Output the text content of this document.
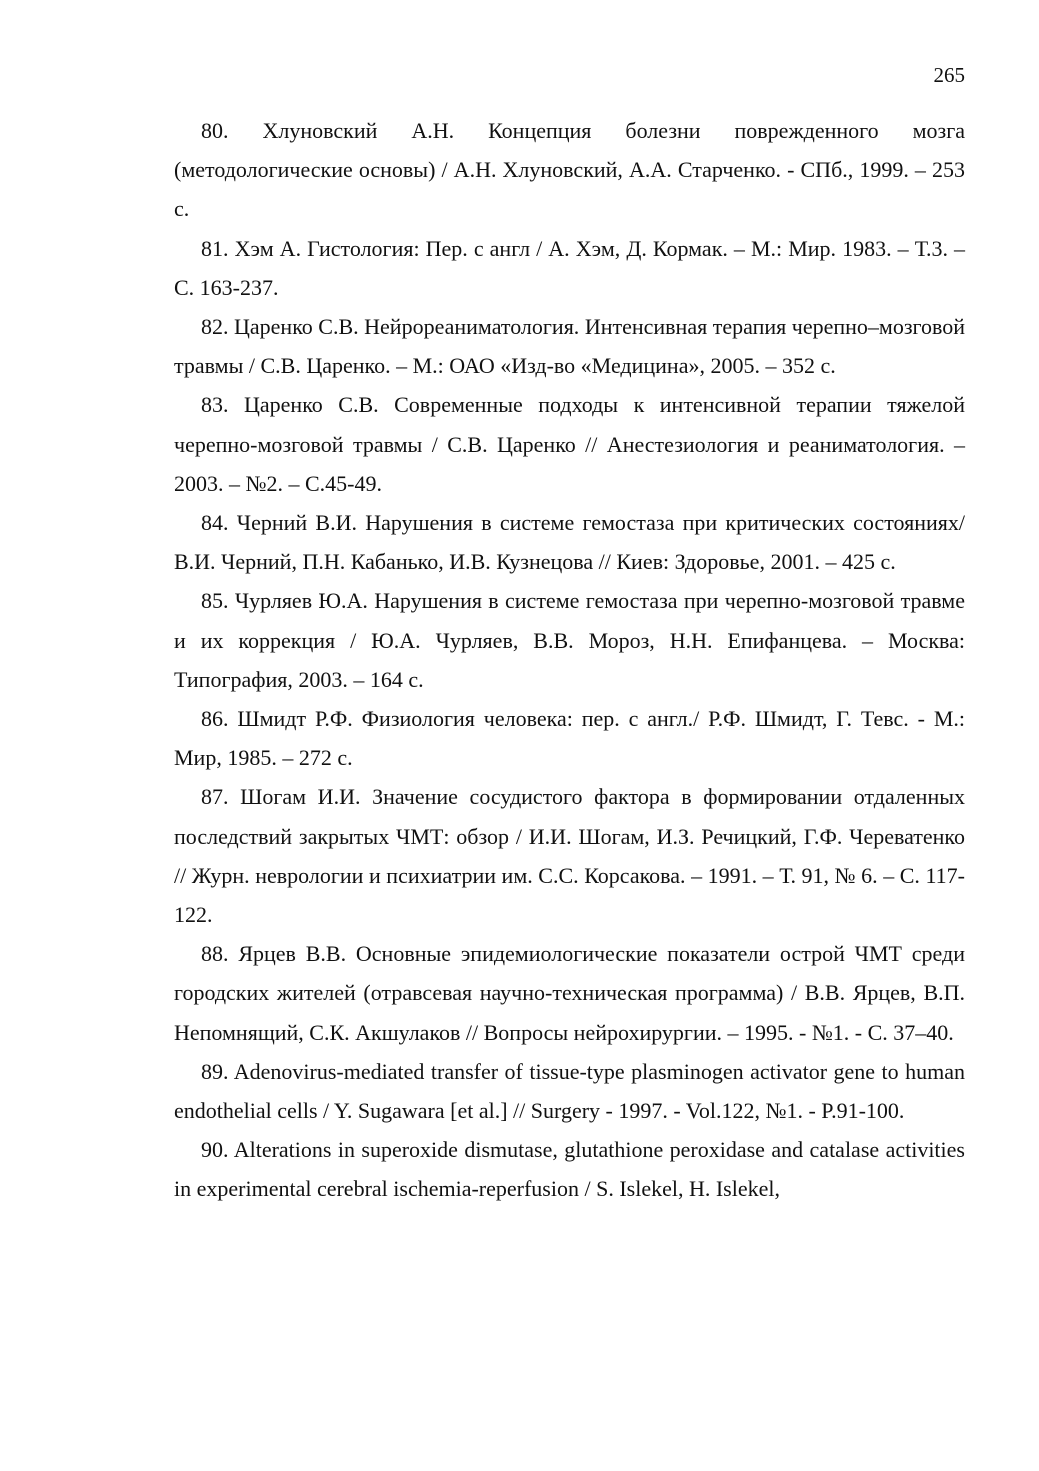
265

80. Хлуновский А.Н. Концепция болезни поврежденного мозга (методологические основы) / А.Н. Хлуновский, А.А. Старченко. - СПб., 1999. – 253 с.

81. Хэм А. Гистология: Пер. с англ / А. Хэм, Д. Кормак. – М.: Мир. 1983. – Т.3. – С. 163-237.

82. Царенко С.В. Нейрореаниматология. Интенсивная терапия черепно–мозговой травмы / С.В. Царенко. – М.: ОАО «Изд-во «Медицина», 2005. – 352 с.

83. Царенко С.В. Современные подходы к интенсивной терапии тяжелой черепно-мозговой травмы / С.В. Царенко // Анестезиология и реаниматология. – 2003. – №2. – С.45-49.

84. Черний В.И. Нарушения в системе гемостаза при критических состояниях/ В.И. Черний, П.Н. Кабанько, И.В. Кузнецова // Киев: Здоровье, 2001. – 425 с.

85. Чурляев Ю.А. Нарушения в системе гемостаза при черепно-мозговой травме и их коррекция / Ю.А. Чурляев, В.В. Мороз, Н.Н. Епифанцева. – Москва: Типография, 2003. – 164 с.

86. Шмидт Р.Ф. Физиология человека: пер. с англ./ Р.Ф. Шмидт, Г. Тевс. - М.: Мир, 1985. – 272 с.

87. Шогам И.И. Значение сосудистого фактора в формировании отдаленных последствий закрытых ЧМТ: обзор / И.И. Шогам, И.З. Речицкий, Г.Ф. Череватенко // Журн. неврологии и психиатрии им. С.С. Корсакова. – 1991. – Т. 91, № 6. – С. 117-122.

88. Ярцев В.В. Основные эпидемиологические показатели острой ЧМТ среди городских жителей (отравсевая научно-техническая программа) / В.В. Ярцев, В.П. Непомнящий, С.К. Акшулаков // Вопросы нейрохирургии. – 1995. - №1. - С. 37–40.

89. Adenovirus-mediated transfer of tissue-type plasminogen activator gene to human endothelial cells / Y. Sugawara [et al.] // Surgery - 1997. - Vol.122, №1. - P.91-100.

90. Alterations in superoxide dismutase, glutathione peroxidase and catalase activities in experimental cerebral ischemia-reperfusion / S. Islekel, H. Islekel,
